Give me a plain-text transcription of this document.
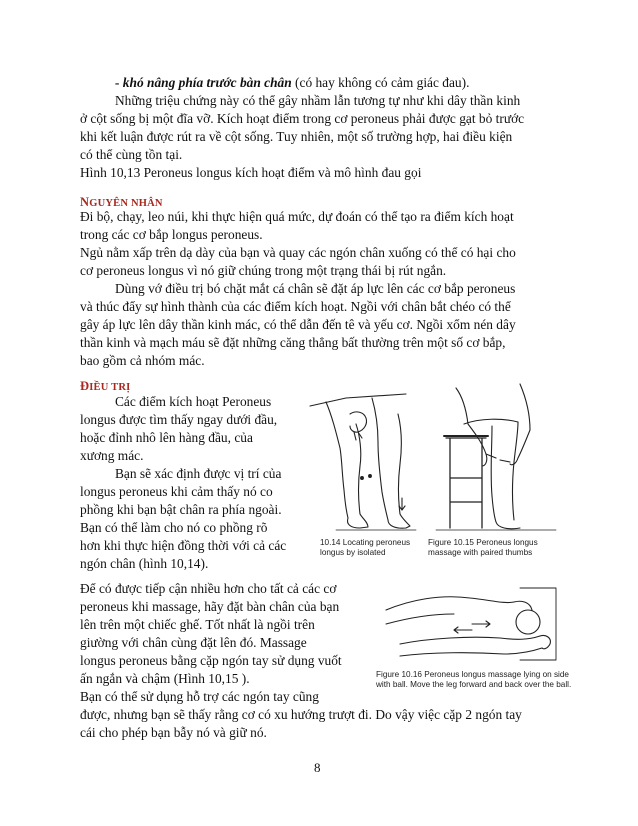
- khó nâng phía trước bàn chân (có hay không có cảm giác đau).
Những triệu chứng này có thể gây nhầm lẫn tương tự như khi dây thần kinh
ở cột sống bị một đĩa vỡ. Kích hoạt điểm trong cơ peroneus phải được gạt bỏ trước
khi kết luận được rút ra về cột sống. Tuy nhiên, một số trường hợp, hai điều kiện
có thể cùng tồn tại.
Hình 10,13 Peroneus longus kích hoạt điểm và mô hình đau gọi
NGUYÊN NHÂN
Đi bộ, chạy, leo núi, khi thực hiện quá mức, dự đoán có thể tạo ra điểm kích hoạt
trong các cơ bắp longus peroneus.
Ngủ nằm xấp trên dạ dày của bạn và quay các ngón chân xuống có thể có hại cho
cơ peroneus longus vì nó giữ chúng trong một trạng thái bị rút ngắn.
Dùng vớ điều trị bó chặt mắt cá chân sẽ đặt áp lực lên các cơ bắp peroneus
và thúc đẩy sự hình thành của các điểm kích hoạt. Ngồi với chân bắt chéo có thể
gây áp lực lên dây thần kinh mác, có thể dẫn đến tê và yếu cơ. Ngồi xổm nén dây
thần kinh và mạch máu sẽ đặt những căng thẳng bất thường trên một số cơ bắp,
bao gồm cả nhóm mác.
ĐIỀU TRỊ
Các điểm kích hoạt Peroneus
longus được tìm thấy ngay dưới đầu,
hoặc đỉnh nhô lên hàng đầu, của
xương mác.
Bạn sẽ xác định được vị trí của
longus peroneus khi cảm thấy nó co
phồng khi bạn bật chân ra phía ngoài.
Bạn có thể làm cho nó co phồng rõ
hơn khi thực hiện đồng thời với cả các
ngón chân (hình 10,14).
Để có được tiếp cận nhiều hơn cho tất cả các cơ
peroneus khi massage, hãy đặt bàn chân của bạn
lên trên một chiếc ghế. Tốt nhất là ngồi trên
giường với chân cùng đặt lên đó. Massage
longus peroneus bằng cặp ngón tay sử dụng vuốt
ấn ngắn và chậm (Hình 10,15 ).
Bạn có thể sử dụng hỗ trợ các ngón tay cũng
được, nhưng bạn sẽ thấy rằng cơ có xu hướng trượt đi. Do vậy việc cặp 2 ngón tay
cái cho phép bạn bẫy nó và giữ nó.
10.14 Locating peroneus
longus by isolated
Figure 10.15 Peroneus longus
massage with paired thumbs
Figure 10.16 Peroneus longus massage lying on side
with ball. Move the leg forward and back over the ball.
8
